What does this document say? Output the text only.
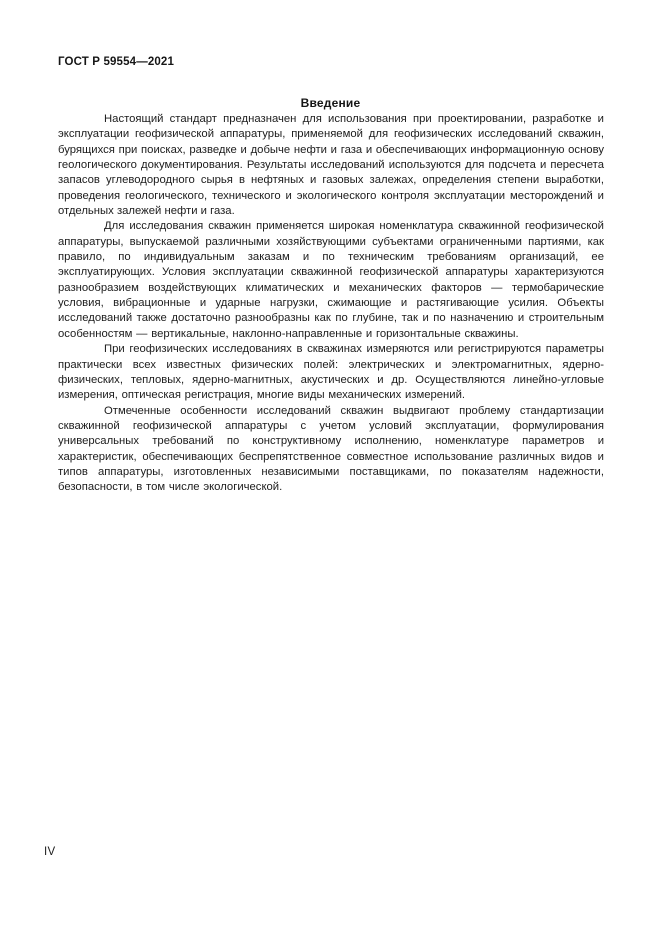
ГОСТ Р 59554—2021
Введение

Настоящий стандарт предназначен для использования при проектировании, разработке и эксплуатации геофизической аппаратуры, применяемой для геофизических исследований скважин, бурящихся при поисках, разведке и добыче нефти и газа и обеспечивающих информационную основу геологического документирования. Результаты исследований используются для подсчета и пересчета запасов углеводородного сырья в нефтяных и газовых залежах, определения степени выработки, проведения геологического, технического и экологического контроля эксплуатации месторождений и отдельных залежей нефти и газа.

Для исследования скважин применяется широкая номенклатура скважинной геофизической аппаратуры, выпускаемой различными хозяйствующими субъектами ограниченными партиями, как правило, по индивидуальным заказам и по техническим требованиям организаций, ее эксплуатирующих. Условия эксплуатации скважинной геофизической аппаратуры характеризуются разнообразием воздействующих климатических и механических факторов — термобарические условия, вибрационные и ударные нагрузки, сжимающие и растягивающие усилия. Объекты исследований также достаточно разнообразны как по глубине, так и по назначению и строительным особенностям — вертикальные, наклонно-направленные и горизонтальные скважины.

При геофизических исследованиях в скважинах измеряются или регистрируются параметры практически всех известных физических полей: электрических и электромагнитных, ядерно-физических, тепловых, ядерно-магнитных, акустических и др. Осуществляются линейно-угловые измерения, оптическая регистрация, многие виды механических измерений.

Отмеченные особенности исследований скважин выдвигают проблему стандартизации скважинной геофизической аппаратуры с учетом условий эксплуатации, формулирования универсальных требований по конструктивному исполнению, номенклатуре параметров и характеристик, обеспечивающих беспрепятственное совместное использование различных видов и типов аппаратуры, изготовленных независимыми поставщиками, по показателям надежности, безопасности, в том числе экологической.

IV
